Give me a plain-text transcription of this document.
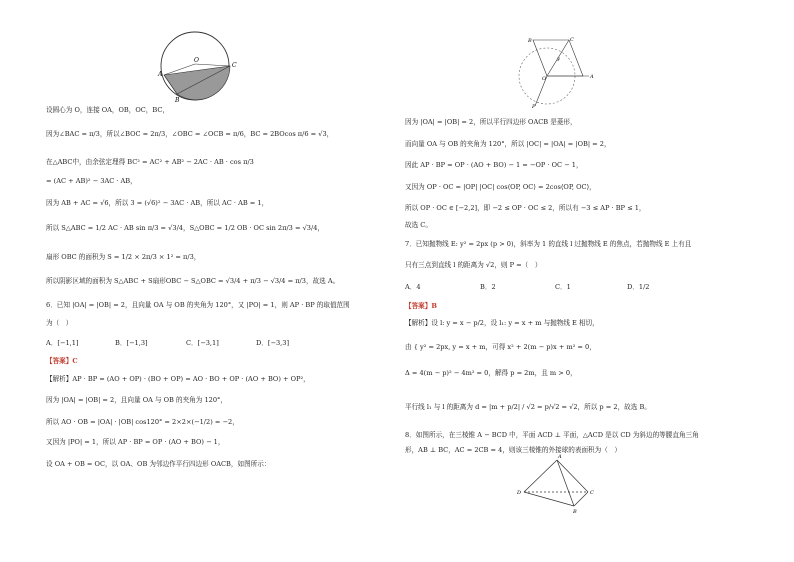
A
B
C
O
设圆心为 O，连接 OA，OB，OC，BC，
因为∠BAC = π/3，所以∠BOC = 2π/3，∠OBC = ∠OCB = π/6，BC = 2BOcos π/6 = √3，
在△ABC中，由余弦定理得 BC² = AC² + AB² − 2AC · AB · cos π/3
= (AC + AB)² − 3AC · AB，
因为 AB + AC = √6，所以 3 = (√6)² − 3AC · AB，所以 AC · AB = 1，
所以 S△ABC = 1/2 AC · AB sin π/3 = √3/4，S△OBC = 1/2 OB · OC sin 2π/3 = √3/4，
扇形 OBC 的面积为 S = 1/2 × 2π/3 × 1² = π/3，
所以阴影区域的面积为 S△ABC + S扇形OBC − S△OBC = √3/4 + π/3 − √3/4 = π/3，故选 A。
6．已知 |OA| = |OB| = 2，且向量 OA 与 OB 的夹角为 120°，又 |PO| = 1，则 AP · BP 的取值范围
为（　）
A．[−1,1]	B．[−1,3]	C．[−3,1]	D．[−3,3]
【答案】C
【解析】AP · BP = (AO + OP) · (BO + OP) = AO · BO + OP · (AO + BO) + OP²，
因为 |OA| = |OB| = 2，且向量 OA 与 OB 的夹角为 120°，
所以 AO · OB = |OA| · |OB| cos120° = 2×2×(−1/2) = −2，
又因为 |PO| = 1，所以 AP · BP = OP · (AO + BO) − 1，
设 OA + OB = OC，以 OA、OB 为邻边作平行四边形 OACB，如图所示：
B	C
O	A
P
y
因为 |OA| = |OB| = 2，所以平行四边形 OACB 是菱形，
而向量 OA 与 OB 的夹角为 120°，所以 |OC| = |OA| = |OB| = 2，
因此 AP · BP = OP · (AO + BO) − 1 = −OP · OC − 1，
又因为 OP · OC = |OP| |OC| cos⟨OP, OC⟩ = 2cos⟨OP, OC⟩，
所以 OP · OC ∈ [−2,2]，即 −2 ≤ OP · OC ≤ 2，所以有 −3 ≤ AP · BP ≤ 1，
故选 C。
7．已知抛物线 E: y² = 2px (p > 0)，斜率为 1 的直线 l 过抛物线 E 的焦点，若抛物线 E 上有且
只有三点到直线 l 的距离为 √2，则 P =（　）
A．4	B．2	C．1	D．1/2
【答案】B
【解析】设 l: y = x − p/2，设 l₁: y = x + m 与抛物线 E 相切，
由 { y² = 2px, y = x + m，可得 x² + 2(m − p)x + m² = 0，
Δ = 4(m − p)² − 4m² = 0，解得 p = 2m，且 m > 0，
平行线 l₁ 与 l 的距离为 d = |m + p/2| / √2 = p/√2 = √2，所以 p = 2，故选 B。
8．如图所示，在三棱锥 A − BCD 中，平面 ACD ⊥ 平面，△ACD 是以 CD 为斜边的等腰直角三角
形，AB ⊥ BC，AC = 2CB = 4，则该三棱锥的外接球的表面积为（　）
A
D	C
B
